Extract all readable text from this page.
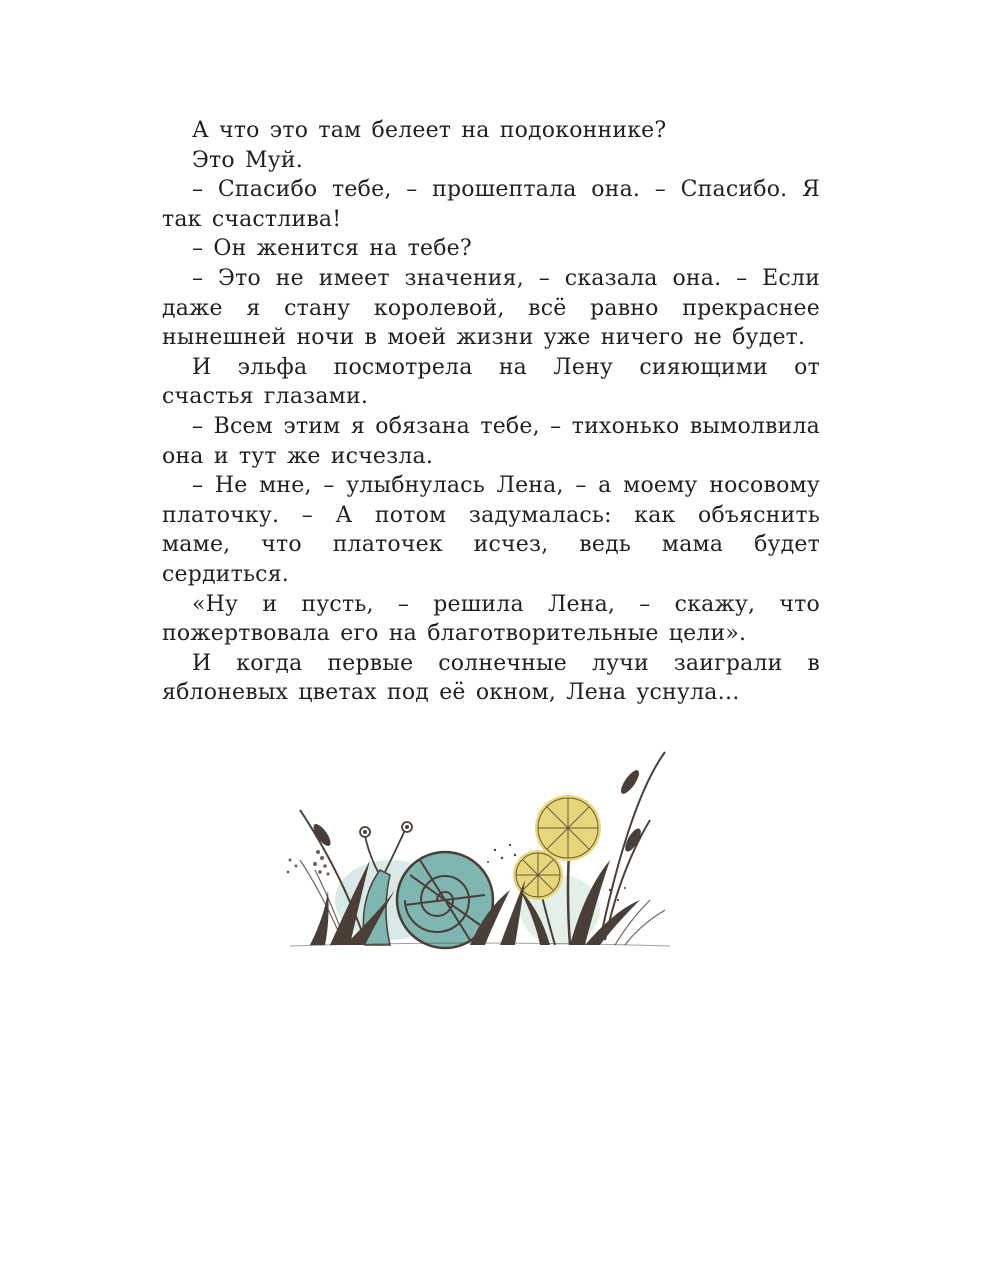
А что это там белеет на подоконнике?

Это Муй.

– Спасибо тебе, – прошептала она. – Спасибо. Я так счастлива!

– Он женится на тебе?

– Это не имеет значения, – сказала она. – Если даже я стану королевой, всё равно прекраснее нынешней ночи в моей жизни уже ничего не будет.

И эльфа посмотрела на Лену сияющими от счастья глазами.

– Всем этим я обязана тебе, – тихонько вымолвила она и тут же исчезла.

– Не мне, – улыбнулась Лена, – а моему носовому платочку. – А потом задумалась: как объяснить маме, что платочек исчез, ведь мама будет сердиться.

«Ну и пусть, – решила Лена, – скажу, что пожертвовала его на благотворительные цели».

И когда первые солнечные лучи заиграли в яблоневых цветах под её окном, Лена уснула…
